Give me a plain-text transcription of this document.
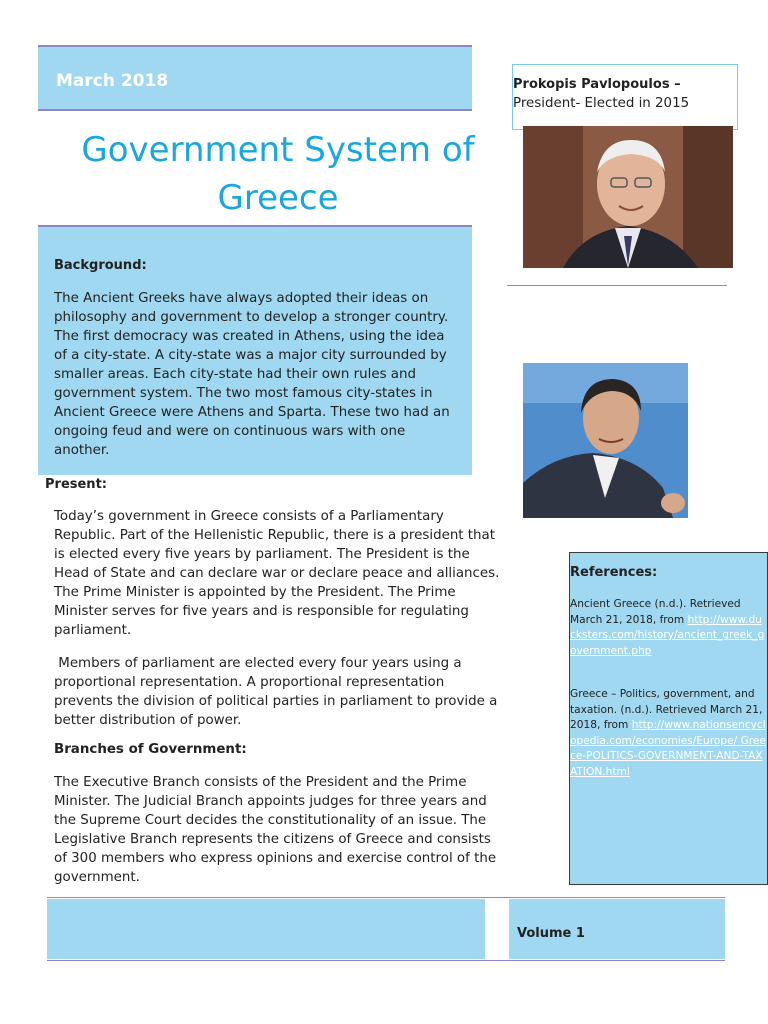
March 2018
Government System of Greece
Background:
The Ancient Greeks have always adopted their ideas on philosophy and government to develop a stronger country. The first democracy was created in Athens, using the idea of a city-state. A city-state was a major city surrounded by smaller areas. Each city-state had their own rules and government system. The two most famous city-states in Ancient Greece were Athens and Sparta. These two had an ongoing feud and were on continuous wars with one another.
Present:
Today’s government in Greece consists of a Parliamentary Republic. Part of the Hellenistic Republic, there is a president that is elected every five years by parliament. The President is the Head of State and can declare war or declare peace and alliances. The Prime Minister is appointed by the President. The Prime Minister serves for five years and is responsible for regulating parliament.
Members of parliament are elected every four years using a proportional representation. A proportional representation prevents the division of political parties in parliament to provide a better distribution of power.
Branches of Government:
The Executive Branch consists of the President and the Prime Minister. The Judicial Branch appoints judges for three years and the Supreme Court decides the constitutionality of an issue. The Legislative Branch represents the citizens of Greece and consists of 300 members who express opinions and exercise control of the government.
Prokopis Pavlopoulos –
President- Elected in 2015
References:
Ancient Greece (n.d.). Retrieved March 21, 2018, from http://www.ducksters.com/history/ancient_greek_government.php
Greece – Politics, government, and taxation. (n.d.). Retrieved March 21, 2018, from http://www.nationsencyclopedia.com/economies/Europe/ Greece-POLITICS-GOVERNMENT-AND-TAXATION.html
Volume 1
